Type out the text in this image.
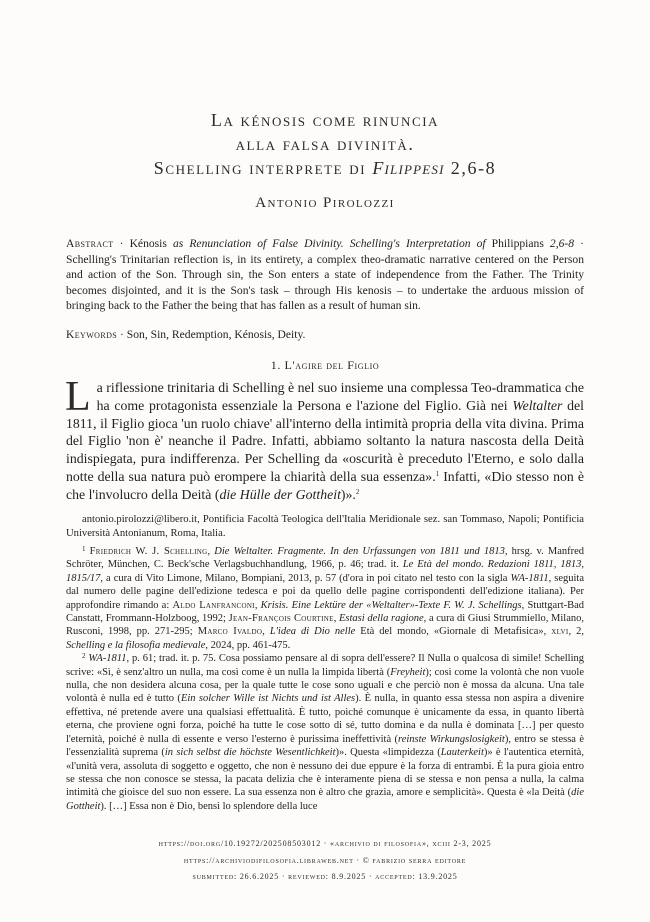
La kénosis come rinuncia
alla falsa divinità.
Schelling interprete di Filippesi 2,6-8
Antonio Pirolozzi
Abstract · Kénosis as Renunciation of False Divinity. Schelling's Interpretation of Philippians 2,6-8 · Schelling's Trinitarian reflection is, in its entirety, a complex theo-dramatic narrative centered on the Person and action of the Son. Through sin, the Son enters a state of independence from the Father. The Trinity becomes disjointed, and it is the Son's task – through His kenosis – to undertake the arduous mission of bringing back to the Father the being that has fallen as a result of human sin.
Keywords · Son, Sin, Redemption, Kénosis, Deity.
1. L'agire del Figlio
La riflessione trinitaria di Schelling è nel suo insieme una complessa Teo-drammatica che ha come protagonista essenziale la Persona e l'azione del Figlio. Già nei Weltalter del 1811, il Figlio gioca 'un ruolo chiave' all'interno della intimità propria della vita divina. Prima del Figlio 'non è' neanche il Padre. Infatti, abbiamo soltanto la natura nascosta della Deità indispiegata, pura indifferenza. Per Schelling da «oscurità è preceduto l'Eterno, e solo dalla notte della sua natura può erompere la chiarità della sua essenza».$^1$ Infatti, «Dio stesso non è che l'involucro della Deità (die Hülle der Gottheit)».$^2$
antonio.pirolozzi@libero.it, Pontificia Facoltà Teologica dell'Italia Meridionale sez. san Tommaso, Napoli; Pontificia Università Antonianum, Roma, Italia.
$^1$ Friedrich W. J. Schelling, Die Weltalter. Fragmente. In den Urfassungen von 1811 und 1813, hrsg. v. Manfred Schröter, München, C. Beck'sche Verlagsbuchhandlung, 1966, p. 46; trad. it. Le Età del mondo. Redazioni 1811, 1813, 1815/17, a cura di Vito Limone, Milano, Bompiani, 2013, p. 57 (d'ora in poi citato nel testo con la sigla WA-1811, seguita dal numero delle pagine dell'edizione tedesca e poi da quello delle pagine corrispondenti dell'edizione italiana). Per approfondire rimando a: Aldo Lanfranconi, Krisis. Eine Lektüre der «Weltalter»-Texte F. W. J. Schellings, Stuttgart-Bad Canstatt, Frommann-Holzboog, 1992; Jean-François Courtine, Estasi della ragione, a cura di Giusi Strummiello, Milano, Rusconi, 1998, pp. 271-295; Marco Ivaldo, L'idea di Dio nelle Età del mondo, «Giornale di Metafisica», xlvi, 2, Schelling e la filosofia medievale, 2024, pp. 461-475.
$^2$ WA-1811, p. 61; trad. it. p. 75. Cosa possiamo pensare al di sopra dell'essere? Il Nulla o qualcosa di simile! Schelling scrive: «Sì, è senz'altro un nulla, ma così come è un nulla la limpida libertà (Freyheit); così come la volontà che non vuole nulla, che non desidera alcuna cosa, per la quale tutte le cose sono uguali e che perciò non è mossa da alcuna. Una tale volontà è nulla ed è tutto (Ein solcher Wille ist Nichts und ist Alles). È nulla, in quanto essa stessa non aspira a divenire effettiva, né pretende avere una qualsiasi effettualità. È tutto, poiché comunque è unicamente da essa, in quanto libertà eterna, che proviene ogni forza, poiché ha tutte le cose sotto di sé, tutto domina e da nulla è dominata […] per questo l'eternità, poiché è nulla di essente e verso l'esterno è purissima ineffettività (reinste Wirkungslosigkeit), entro se stessa è l'essenzialità suprema (in sich selbst die höchste Wesentlichkeit)». Questa «limpidezza (Lauterkeit)» è l'autentica eternità, «l'unità vera, assoluta di soggetto e oggetto, che non è nessuno dei due eppure è la forza di entrambi. È la pura gioia entro se stessa che non conosce se stessa, la pacata delizia che è interamente piena di se stessa e non pensa a nulla, la calma intimità che gioisce del suo non essere. La sua essenza non è altro che grazia, amore e semplicità». Questa è «la Deità (die Gottheit). […] Essa non è Dio, bensì lo splendore della luce
https://doi.org/10.19272/202508503012 · «archivio di filosofia», xciii 2-3, 2025
https://archiviodifilosofia.libraweb.net · © fabrizio serra editore
submitted: 26.6.2025 · reviewed: 8.9.2025 · accepted: 13.9.2025
